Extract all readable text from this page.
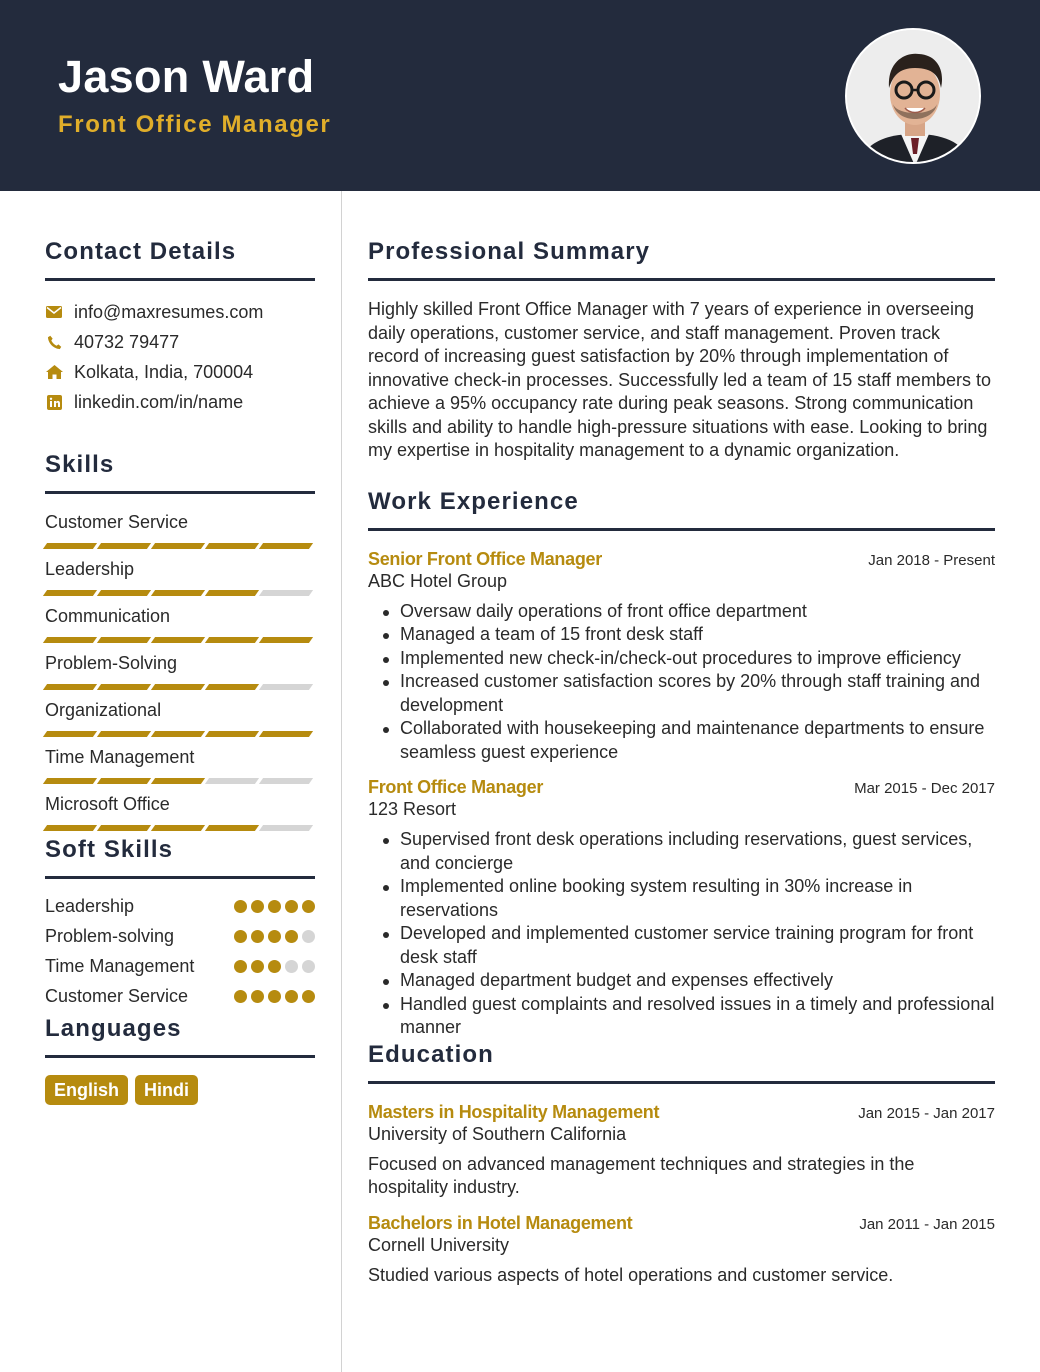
Jason Ward
Front Office Manager
Contact Details
info@maxresumes.com
40732 79477
Kolkata, India, 700004
linkedin.com/in/name
Skills
Customer Service
Leadership
Communication
Problem-Solving
Organizational
Time Management
Microsoft Office
Soft Skills
Leadership
Problem-solving
Time Management
Customer Service
Languages
English	Hindi
Professional Summary
Highly skilled Front Office Manager with 7 years of experience in overseeing daily operations, customer service, and staff management. Proven track record of increasing guest satisfaction by 20% through implementation of innovative check-in processes. Successfully led a team of 15 staff members to achieve a 95% occupancy rate during peak seasons. Strong communication skills and ability to handle high-pressure situations with ease. Looking to bring my expertise in hospitality management to a dynamic organization.
Work Experience
Senior Front Office Manager	Jan 2018 - Present
ABC Hotel Group
Oversaw daily operations of front office department
Managed a team of 15 front desk staff
Implemented new check-in/check-out procedures to improve efficiency
Increased customer satisfaction scores by 20% through staff training and development
Collaborated with housekeeping and maintenance departments to ensure seamless guest experience
Front Office Manager	Mar 2015 - Dec 2017
123 Resort
Supervised front desk operations including reservations, guest services, and concierge
Implemented online booking system resulting in 30% increase in reservations
Developed and implemented customer service training program for front desk staff
Managed department budget and expenses effectively
Handled guest complaints and resolved issues in a timely and professional manner
Education
Masters in Hospitality Management	Jan 2015 - Jan 2017
University of Southern California
Focused on advanced management techniques and strategies in the hospitality industry.
Bachelors in Hotel Management	Jan 2011 - Jan 2015
Cornell University
Studied various aspects of hotel operations and customer service.
